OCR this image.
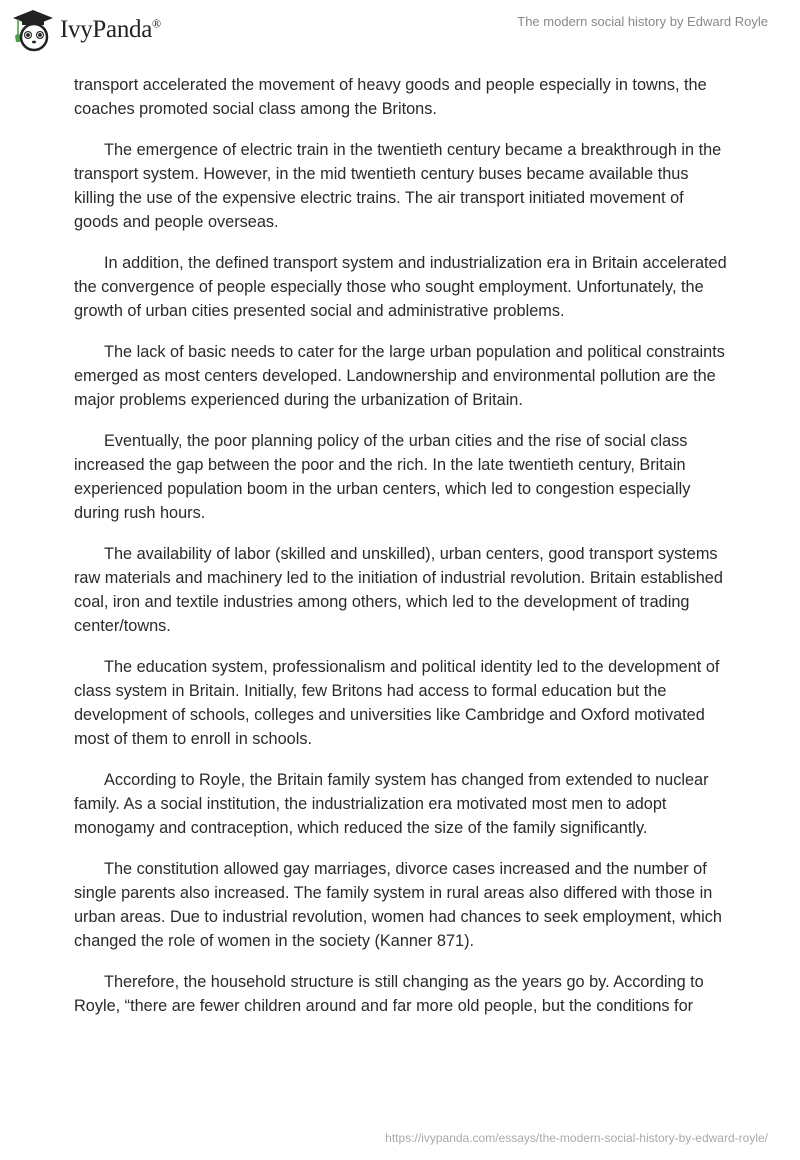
IvyPanda®	The modern social history by Edward Royle

transport accelerated the movement of heavy goods and people especially in towns, the coaches promoted social class among the Britons.

The emergence of electric train in the twentieth century became a breakthrough in the transport system. However, in the mid twentieth century buses became available thus killing the use of the expensive electric trains. The air transport initiated movement of goods and people overseas.

In addition, the defined transport system and industrialization era in Britain accelerated the convergence of people especially those who sought employment. Unfortunately, the growth of urban cities presented social and administrative problems.

The lack of basic needs to cater for the large urban population and political constraints emerged as most centers developed. Landownership and environmental pollution are the major problems experienced during the urbanization of Britain.

Eventually, the poor planning policy of the urban cities and the rise of social class increased the gap between the poor and the rich. In the late twentieth century, Britain experienced population boom in the urban centers, which led to congestion especially during rush hours.

The availability of labor (skilled and unskilled), urban centers, good transport systems raw materials and machinery led to the initiation of industrial revolution. Britain established coal, iron and textile industries among others, which led to the development of trading center/towns.

The education system, professionalism and political identity led to the development of class system in Britain. Initially, few Britons had access to formal education but the development of schools, colleges and universities like Cambridge and Oxford motivated most of them to enroll in schools.

According to Royle, the Britain family system has changed from extended to nuclear family. As a social institution, the industrialization era motivated most men to adopt monogamy and contraception, which reduced the size of the family significantly.

The constitution allowed gay marriages, divorce cases increased and the number of single parents also increased. The family system in rural areas also differed with those in urban areas. Due to industrial revolution, women had chances to seek employment, which changed the role of women in the society (Kanner 871).

Therefore, the household structure is still changing as the years go by. According to Royle, “there are fewer children around and far more old people, but the conditions for

https://ivypanda.com/essays/the-modern-social-history-by-edward-royle/
